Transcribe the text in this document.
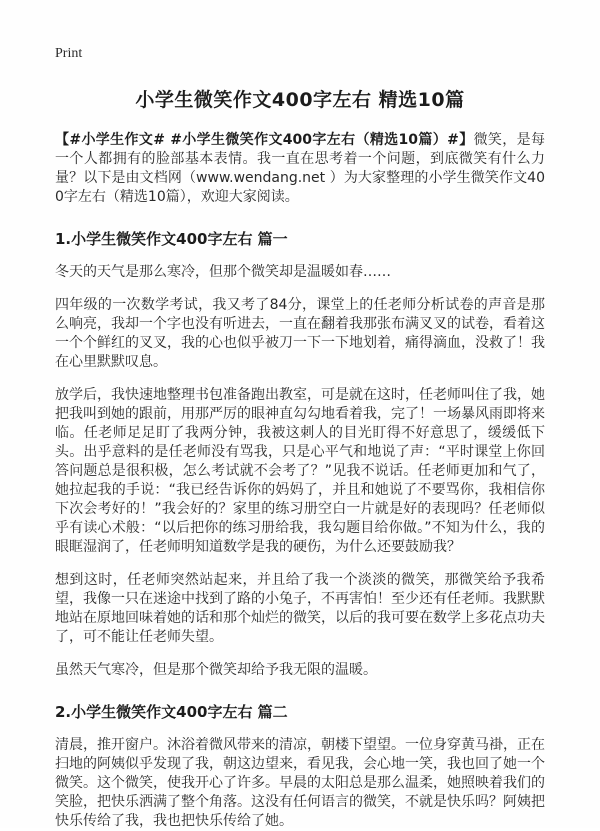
Print
小学生微笑作文400字左右 精选10篇

【#小学生作文# #小学生微笑作文400字左右（精选10篇）#】微笑，是每一个人都拥有的脸部基本表情。我一直在思考着一个问题，到底微笑有什么力量？以下是由文档网（www.wendang.net ）为大家整理的小学生微笑作文400字左右（精选10篇），欢迎大家阅读。

1.小学生微笑作文400字左右 篇一

冬天的天气是那么寒冷，但那个微笑却是温暖如春……

四年级的一次数学考试，我又考了84分，课堂上的任老师分析试卷的声音是那么响亮，我却一个字也没有听进去，一直在翻着我那张布满叉叉的试卷，看着这一个个鲜红的叉叉，我的心也似乎被刀一下一下地划着，痛得滴血，没救了！我在心里默默叹息。

放学后，我快速地整理书包准备跑出教室，可是就在这时，任老师叫住了我，她把我叫到她的跟前，用那严厉的眼神直勾勾地看着我，完了！一场暴风雨即将来临。任老师足足盯了我两分钟，我被这刺人的目光盯得不好意思了，缓缓低下头。出乎意料的是任老师没有骂我，只是心平气和地说了声：“平时课堂上你回答问题总是很积极，怎么考试就不会考了？”见我不说话。任老师更加和气了，她拉起我的手说：“我已经告诉你的妈妈了，并且和她说了不要骂你，我相信你下次会考好的！”我会好的？家里的练习册空白一片就是好的表现吗？任老师似乎有读心术般：“以后把你的练习册给我，我勾题目给你做。”不知为什么，我的眼眶湿润了，任老师明知道数学是我的硬伤，为什么还要鼓励我？

想到这时，任老师突然站起来，并且给了我一个淡淡的微笑，那微笑给予我希望，我像一只在迷途中找到了路的小兔子，不再害怕！至少还有任老师。我默默地站在原地回味着她的话和那个灿烂的微笑，以后的我可要在数学上多花点功夫了，可不能让任老师失望。

虽然天气寒冷，但是那个微笑却给予我无限的温暖。

2.小学生微笑作文400字左右 篇二

清晨，推开窗户。沐浴着微风带来的清凉，朝楼下望望。一位身穿黄马褂，正在扫地的阿姨似乎发现了我，朝这边望来，看见我，会心地一笑，我也回了她一个微笑。这个微笑，使我开心了许多。早晨的太阳总是那么温柔，她照映着我们的笑脸，把快乐洒满了整个角落。这没有任何语言的微笑，不就是快乐吗？阿姨把快乐传给了我，我也把快乐传给了她。
